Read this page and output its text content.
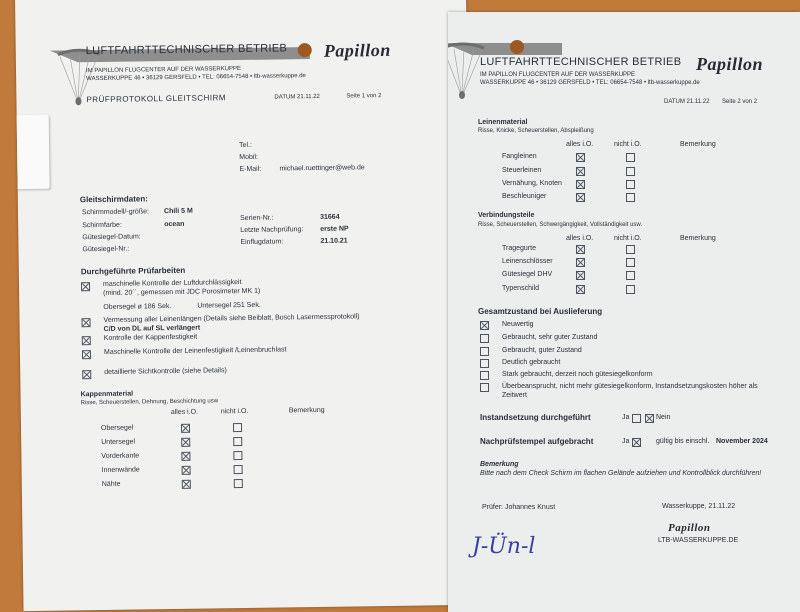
LUFTFAHRTTECHNISCHER BETRIEB Papillon
IM PAPILLON FLUGCENTER AUF DER WASSERKUPPE
WASSERKUPPE 46 • 36129 GERSFELD • TEL: 06654-7548 • ltb-wasserkuppe.de
PRÜFPROTOKOLL GLEITSCHIRM	DATUM 21.11.22	Seite 1 von 2
Tel.:
Mobil:
E-Mail:	michael.ruettinger@web.de
Gleitschirmdaten:
Schirmmodell/-größe: Chili 5 M
Schirmfarbe:	ocean
Gütesiegel-Datum:
Gütesiegel-Nr.:
Serien-Nr.:	31664
Letzte Nachprüfung: erste NP
Einflugdatum:	21.10.21
Durchgeführte Prüfarbeiten
maschinelle Kontrolle der Luftdurchlässigkeit
(mind. 20´´, gemessen mit JDC Porosimeter MK 1)
Obersegel ø 186 Sek.	Untersegel 251 Sek.
Vermessung aller Leinenlängen (Details siehe Beiblatt, Bosch Lasermessprotokoll)
C/D von DL auf SL verlängert
Kontrolle der Kappenfestigkeit
Maschinelle Kontrolle der Leinenfestigkeit /Leinenbruchlast
detaillierte Sichtkontrolle (siehe Details)
Kappenmaterial
Risse, Scheuerstellen, Dehnung, Beschichtung usw
alles i.O.	nicht i.O.	Bemerkung
Obersegel
Untersegel
Vorderkante
Innenwände
Nähte
LUFTFAHRTTECHNISCHER BETRIEB Papillon
IM PAPILLON FLUGCENTER AUF DER WASSERKUPPE
WASSERKUPPE 46 • 36129 GERSFELD • TEL: 06654-7548 • ltb-wasserkuppe.de
DATUM 21.11.22 Seite 2 von 2
Leinenmaterial
Risse, Knicke, Scheuerstellen, Abspleißung
alles i.O.	nicht i.O.	Bemerkung
Fangleinen
Steuerleinen
Vernähung, Knoten
Beschleuniger
Verbindungsteile
Risse, Scheuerstellen, Schwergängigkeit, Vollständigkeit usw.
alles i.O.	nicht i.O.	Bemerkung
Tragegurte
Leinenschlösser
Gütesiegel DHV
Typenschild
Gesamtzustand bei Auslieferung
Neuwertig
Gebraucht, sehr guter Zustand
Gebraucht, guter Zustand
Deutlich gebraucht
Stark gebraucht, derzeit noch gütesiegelkonform
Überbeansprucht, nicht mehr gütesiegelkonform, Instandsetzungskosten höher als
Zeitwert
Instandsetzung durchgeführt	Ja	Nein
Nachprüfstempel aufgebracht	Ja	gültig bis einschl. November 2024
Bemerkung
Bitte nach dem Check Schirm im flachen Gelände aufziehen und Kontrollblick durchführen!
Wasserkuppe, 21.11.22
Prüfer: Johannes Knust
Papillon
LTB-WASSERKUPPE.DE
J-Ün-l
